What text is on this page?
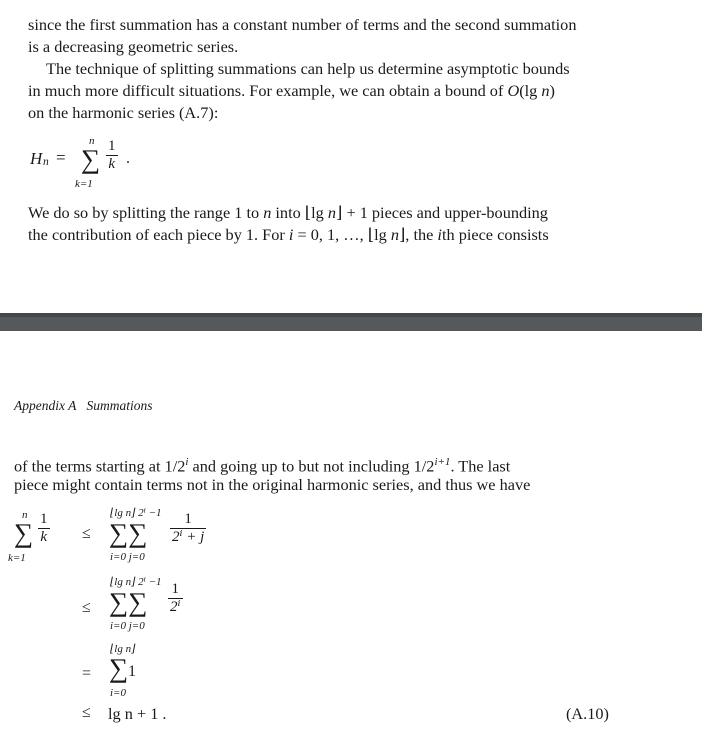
since the first summation has a constant number of terms and the second summation
is a decreasing geometric series.
The technique of splitting summations can help us determine asymptotic bounds
in much more difficult situations. For example, we can obtain a bound of O(lg n)
on the harmonic series (A.7):
H n =
n
∑
k=1
1
k .
We do so by splitting the range 1 to n into ⌊lg n⌋ + 1 pieces and upper-bounding
the contribution of each piece by 1. For i = 0, 1, …, ⌊lg n⌋, the ith piece consists
Appendix A Summations
of the terms starting at 1/2$^i$ and going up to but not including $1/2^{i+1}$. The last
piece might contain terms not in the original harmonic series, and thus we have
n
∑
k=1
1
k ≤
⌊lg n⌋ 2ⁱ −1
∑∑
i=0 j=0
1
2ⁱ + j
≤
⌊lg n⌋ 2ⁱ −1
∑∑
i=0 j=0
1
2ⁱ
=
⌊lg n⌋
∑ 1
i=0
≤ lg n + 1 .	(A.10)
